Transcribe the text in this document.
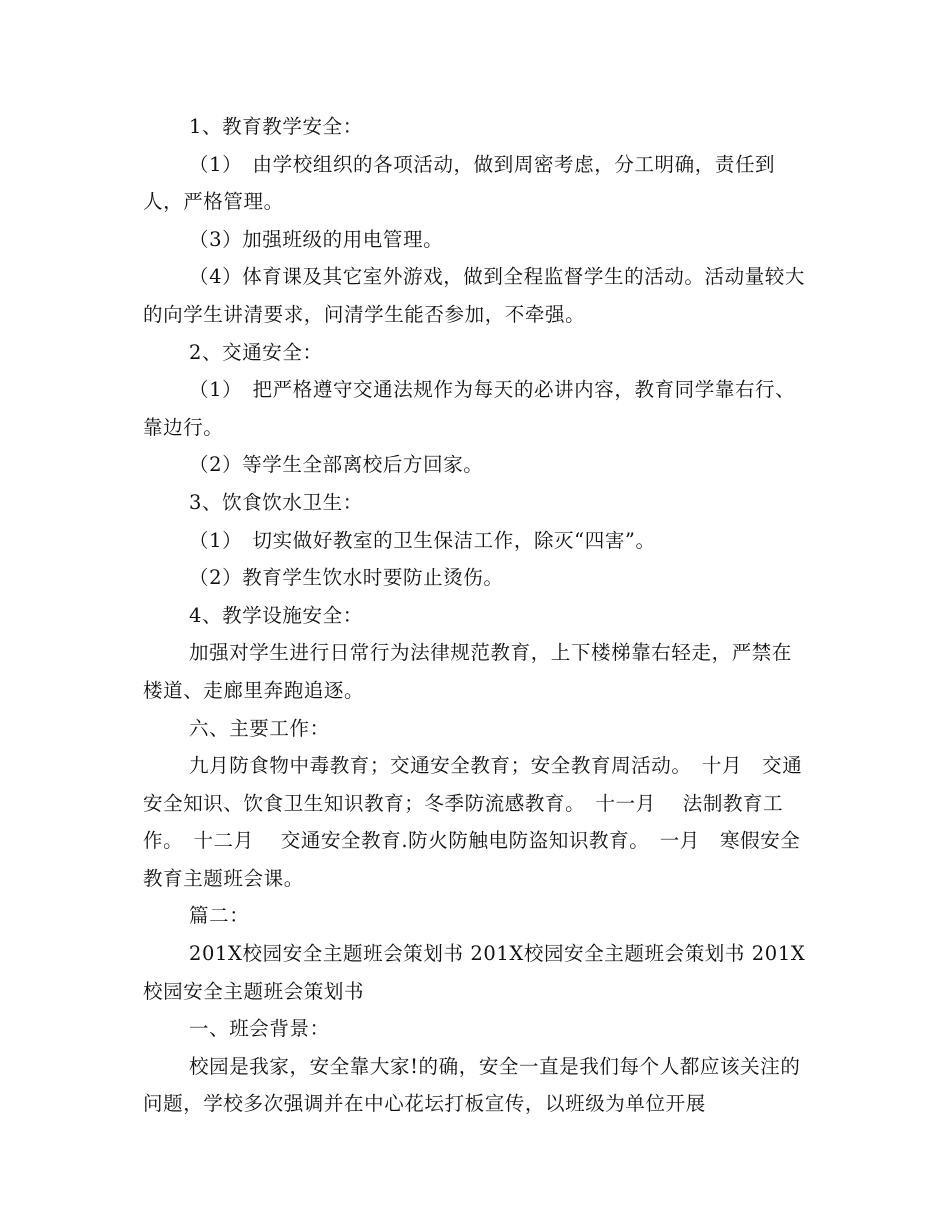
1、教育教学安全：

（1）　由学校组织的各项活动，做到周密考虑，分工明确，责任到人，严格管理。

（3）加强班级的用电管理。

（4）体育课及其它室外游戏，做到全程监督学生的活动。活动量较大的向学生讲清要求，问清学生能否参加，不牵强。

2、交通安全：

（1）　把严格遵守交通法规作为每天的必讲内容，教育同学靠右行、靠边行。

（2）等学生全部离校后方回家。

3、饮食饮水卫生：

（1）　切实做好教室的卫生保洁工作，除灭“四害”。

（2）教育学生饮水时要防止烫伤。

4、教学设施安全：

加强对学生进行日常行为法律规范教育，上下楼梯靠右轻走，严禁在楼道、走廊里奔跑追逐。

六、主要工作：

九月防食物中毒教育；交通安全教育；安全教育周活动。　十月　交通安全知识、饮食卫生知识教育；冬季防流感教育。　十一月　 法制教育工作。　十二月　 交通安全教育.防火防触电防盗知识教育。　一月　寒假安全教育主题班会课。

篇二：

201X校园安全主题班会策划书 201X校园安全主题班会策划书 201X校园安全主题班会策划书

一、班会背景：

校园是我家，安全靠大家!的确，安全一直是我们每个人都应该关注的问题，学校多次强调并在中心花坛打板宣传，以班级为单位开展
